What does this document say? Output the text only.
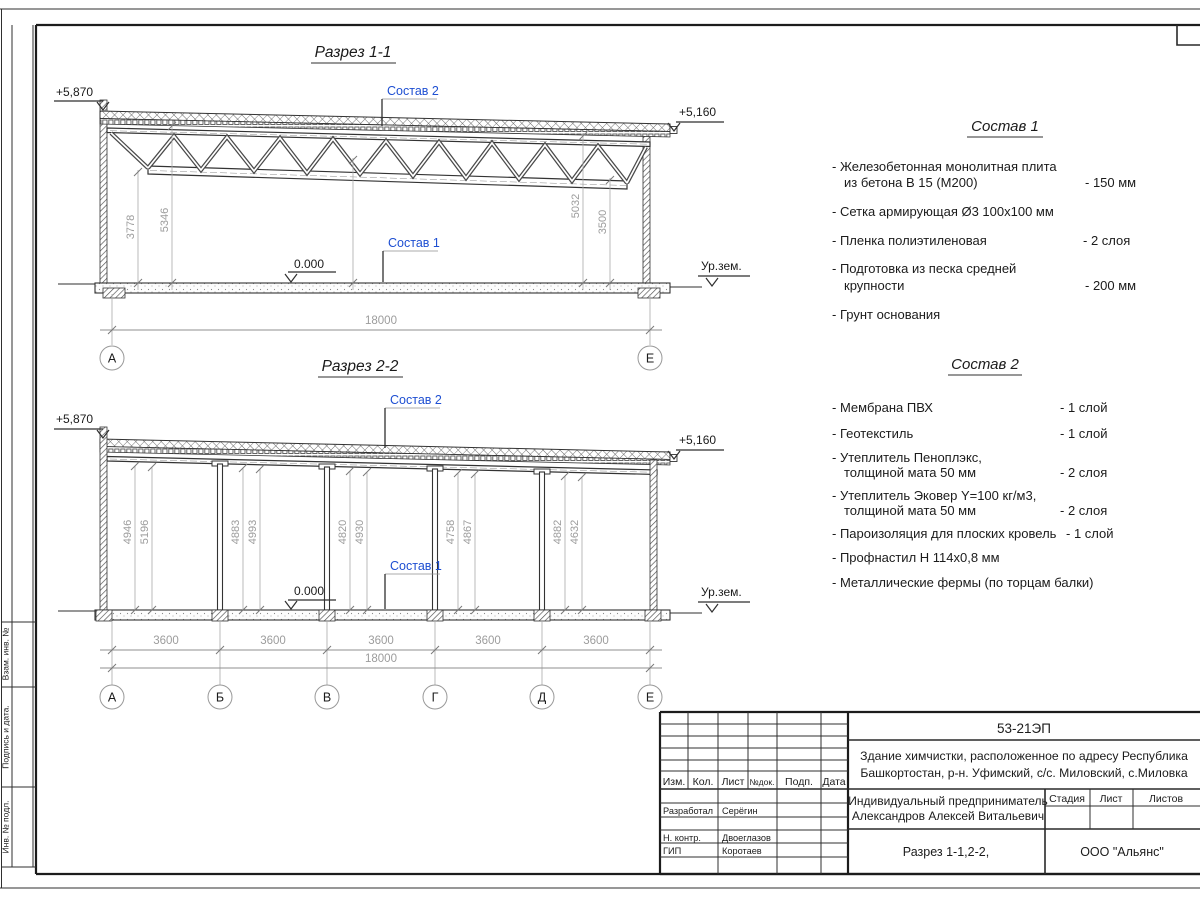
Взам. инв. №
Подпись и дата.
Инв. № подл.
Разрез 1-1
3778 5346
5032
3500
+5,870
+5,160
0.000	Ур.зем.
Состав 2
Состав 1
18000
А	Е
Разрез 2-2
4946 5196	4883 4993	4820 4930	4758 4867	4882 4632
+5,870
+5,160
0.000	Ур.зем.
Состав 2
Состав 1
3600	3600	3600	3600	3600
18000
А	Б	В	Г	Д	Е
Состав 1
- Железобетонная монолитная плита
из бетона В 15 (М200)	- 150 мм
- Сетка армирующая Ø3 100х100 мм
- Пленка полиэтиленовая	- 2 слоя
- Подготовка из песка средней
крупности	- 200 мм
- Грунт основания
Состав 2
- Мембрана ПВХ	- 1 слой
- Геотекстиль	- 1 слой
- Утеплитель Пеноплэкс,
толщиной мата 50 мм	- 2 слоя
- Утеплитель Эковер Y=100 кг/м3,
толщиной мата 50 мм	- 2 слоя
- Пароизоляция для плоских кровель - 1 слой
- Профнастил Н 114х0,8 мм
- Металлические фермы (по торцам балки)
Изм. Кол. Лист №док. Подп. Дата
Разработал Серёгин
Н. контр. Двоеглазов
ГИП	Коротаев
53-21ЭП
Здание химчистки, расположенное по адресу Республика
Башкортостан, р-н. Уфимский, с/с. Миловский, с.Миловка
Индивидуальный предприниматель
Александров Алексей Витальевич
Стадия Лист	Листов
Разрез 1-1,2-2,	ООО "Альянс"
